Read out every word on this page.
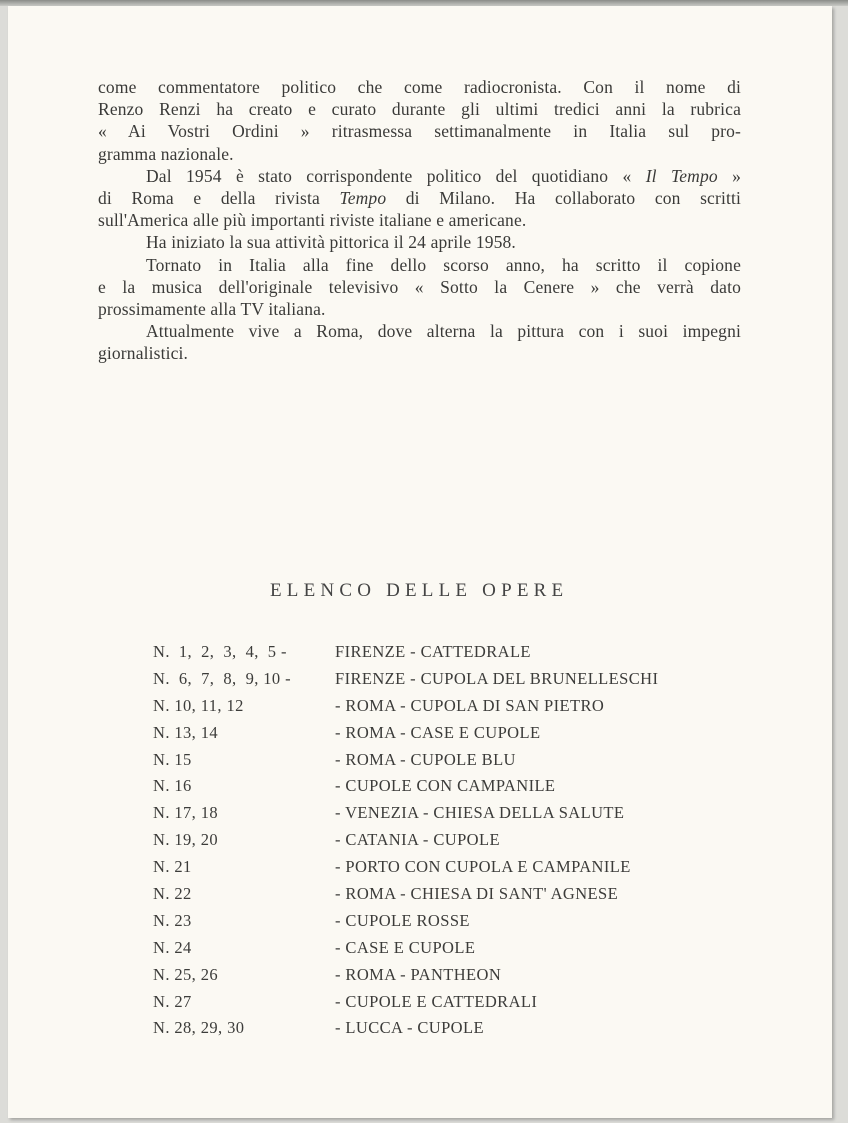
come commentatore politico che come radiocronista. Con il nome di

Renzo Renzi ha creato e curato durante gli ultimi tredici anni la rubrica

« Ai Vostri Ordini » ritrasmessa settimanalmente in Italia sul pro-

gramma nazionale.

Dal 1954 è stato corrispondente politico del quotidiano « Il Tempo »

di Roma e della rivista Tempo di Milano. Ha collaborato con scritti

sull'America alle più importanti riviste italiane e americane.

Ha iniziato la sua attività pittorica il 24 aprile 1958.

Tornato in Italia alla fine dello scorso anno, ha scritto il copione

e la musica dell'originale televisivo « Sotto la Cenere » che verrà dato

prossimamente alla TV italiana.

Attualmente vive a Roma, dove alterna la pittura con i suoi impegni

giornalistici.

ELENCO DELLE OPERE
N.  1,  2,  3,  4,  5 -	FIRENZE - CATTEDRALE
N.  6,  7,  8,  9, 10 -	FIRENZE - CUPOLA DEL BRUNELLESCHI
N. 10, 11, 12	- ROMA - CUPOLA DI SAN PIETRO
N. 13, 14	- ROMA - CASE E CUPOLE
N. 15	- ROMA - CUPOLE BLU
N. 16	- CUPOLE CON CAMPANILE
N. 17, 18	- VENEZIA - CHIESA DELLA SALUTE
N. 19, 20	- CATANIA - CUPOLE
N. 21	- PORTO CON CUPOLA E CAMPANILE
N. 22	- ROMA - CHIESA DI SANT' AGNESE
N. 23	- CUPOLE ROSSE
N. 24	- CASE E CUPOLE
N. 25, 26	- ROMA - PANTHEON
N. 27	- CUPOLE E CATTEDRALI
N. 28, 29, 30	- LUCCA - CUPOLE
